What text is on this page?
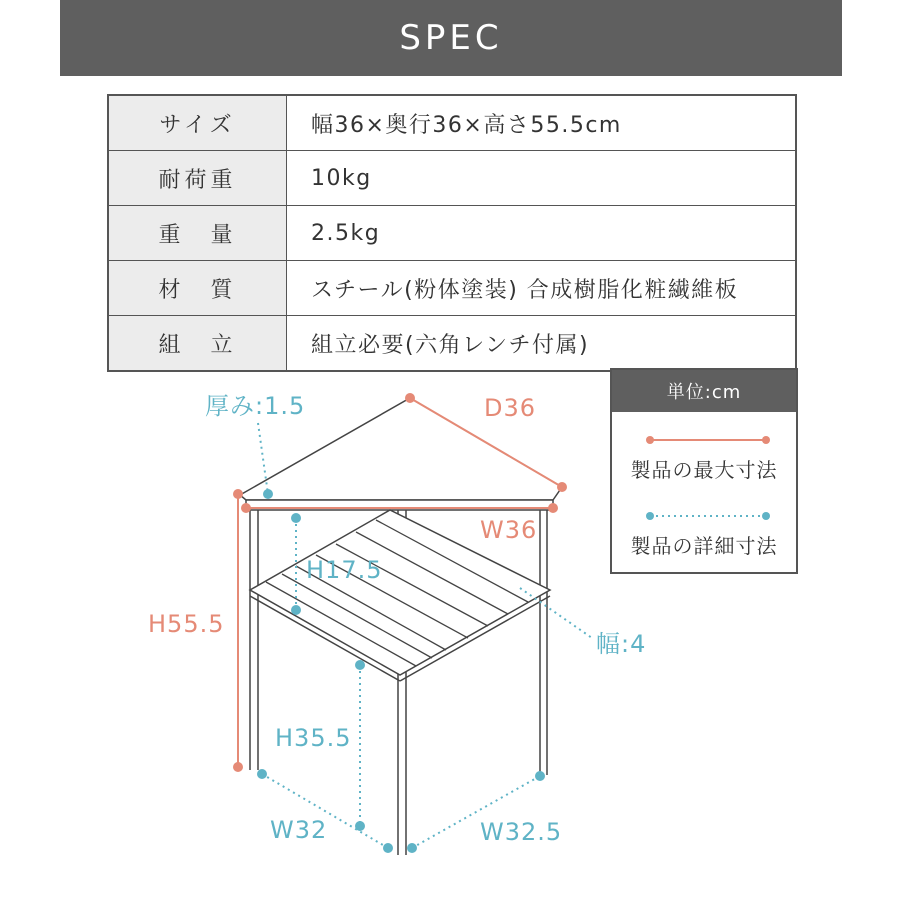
SPEC
サイズ	幅36×奥行36×高さ55.5cm
耐荷重	10kg
重　量	2.5kg
材　質	スチール(粉体塗装) 合成樹脂化粧繊維板
組　立	組立必要(六角レンチ付属)
単位:cm
製品の最大寸法
製品の詳細寸法
厚み:1.5	D36
W36
H17.5
H55.5
幅:4
H35.5
W32	W32.5
